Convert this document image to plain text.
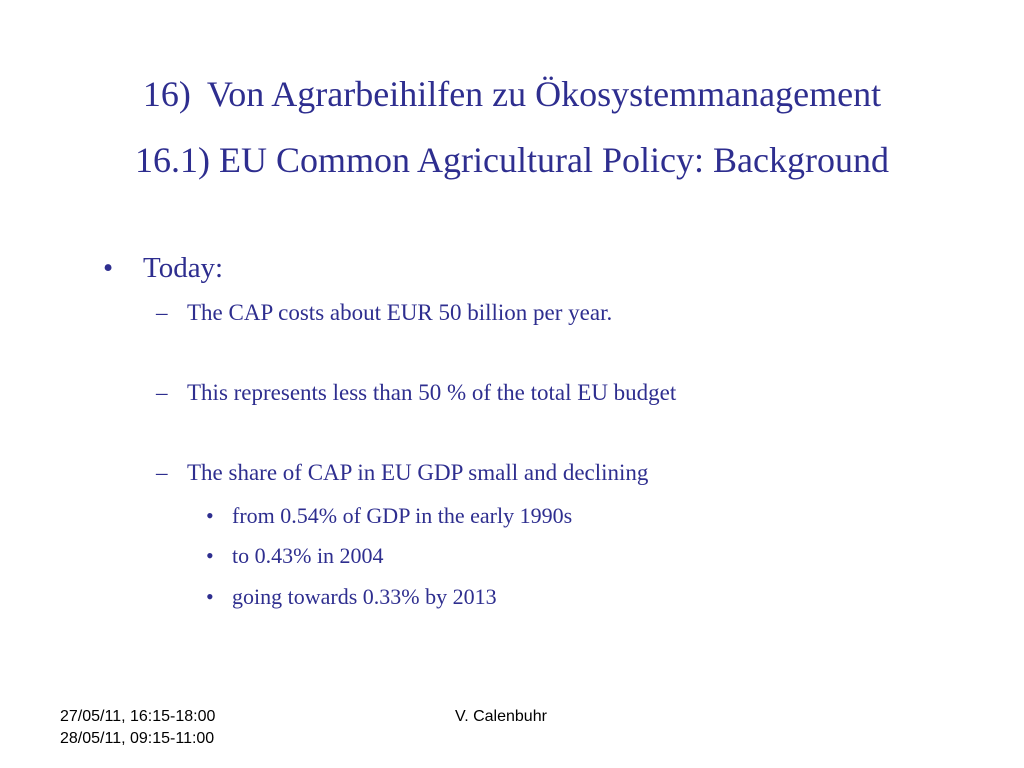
16) Von Agrarbeihilfen zu Ökosystemmanagement
16.1) EU Common Agricultural Policy: Background
• Today:
– The CAP costs about EUR 50 billion per year.
– This represents less than 50 % of the total EU budget
– The share of CAP in EU GDP small and declining
• from 0.54% of GDP in the early 1990s
• to 0.43% in 2004
• going towards 0.33% by 2013
27/05/11, 16:15-18:00
28/05/11, 09:15-11:00
V. Calenbuhr
